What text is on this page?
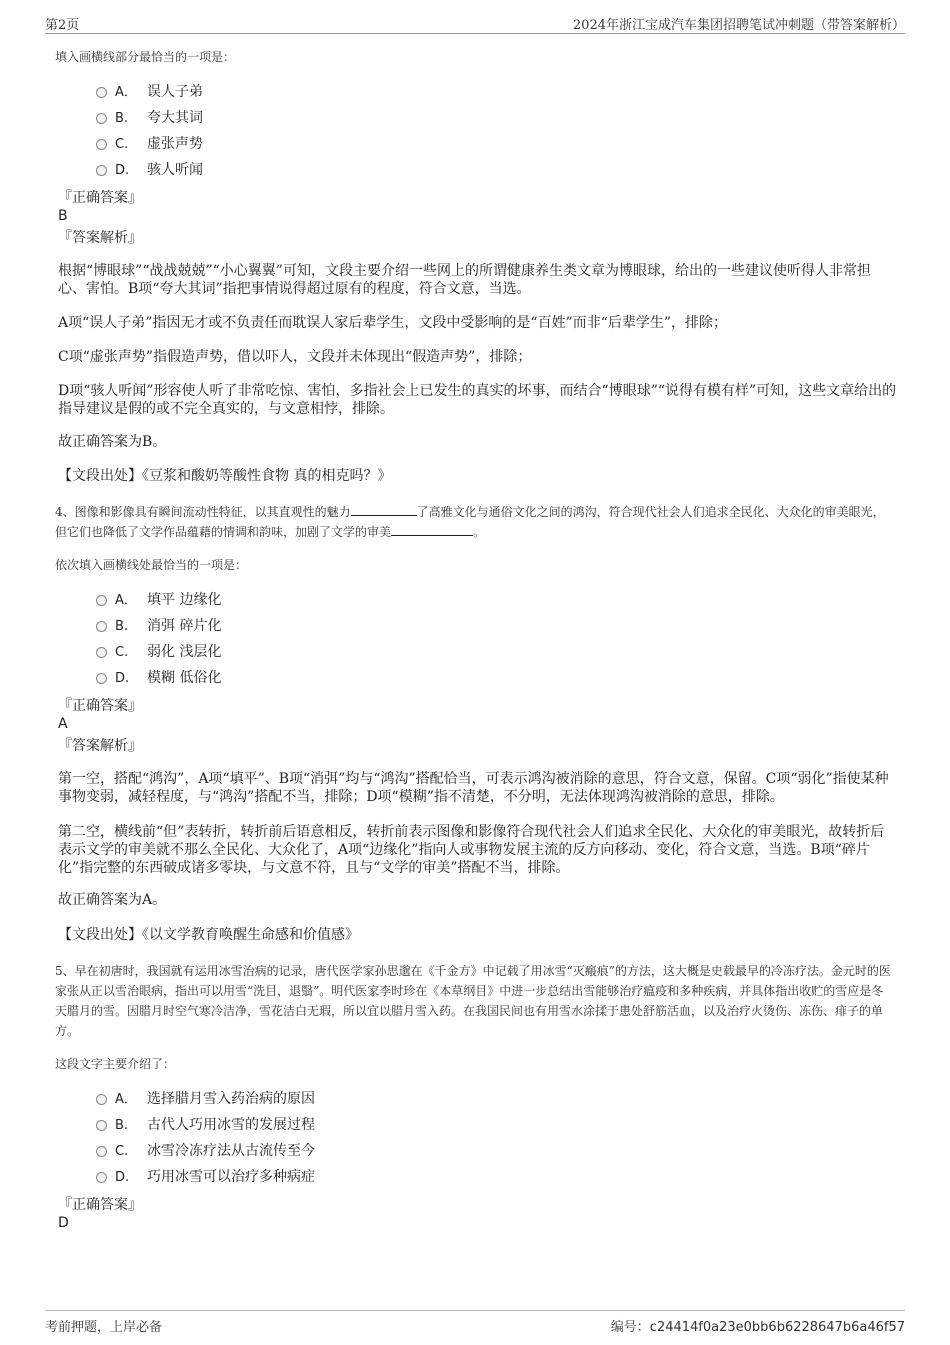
第2页	2024年浙江宝成汽车集团招聘笔试冲刺题（带答案解析）
填入画横线部分最恰当的一项是：
A． 误人子弟
B. 夸大其词
C. 虚张声势
D. 骇人听闻
『正确答案』
B
『答案解析』
根据“博眼球”“战战兢兢”“小心翼翼”可知，文段主要介绍一些网上的所谓健康养生类文章为博眼球，给出的一些建议使听得人非常担心、害怕。B项“夸大其词”指把事情说得超过原有的程度，符合文意，当选。
A项“误人子弟”指因无才或不负责任而耽误人家后辈学生，文段中受影响的是“百姓”而非“后辈学生”，排除；
C项“虚张声势”指假造声势，借以吓人，文段并未体现出“假造声势”，排除；
D项“骇人听闻”形容使人听了非常吃惊、害怕，多指社会上已发生的真实的坏事，而结合“博眼球”“说得有模有样”可知，这些文章给出的指导建议是假的或不完全真实的，与文意相悖，排除。
故正确答案为B。
【文段出处】《豆浆和酸奶等酸性食物 真的相克吗？》
4、图像和影像具有瞬间流动性特征，以其直观性的魅力	了高雅文化与通俗文化之间的鸿沟，符合现代社会人们追求全民化、大众化的审美眼光，但它们也降低了文学作品蕴藉的情调和韵味，加剧了文学的审美	。
依次填入画横线处最恰当的一项是：
A． 填平 边缘化
B. 消弭 碎片化
C. 弱化 浅层化
D. 模糊 低俗化
『正确答案』
A
『答案解析』
第一空，搭配“鸿沟”，A项“填平”、B项“消弭”均与“鸿沟”搭配恰当，可表示鸿沟被消除的意思，符合文意，保留。C项“弱化”指使某种事物变弱，减轻程度，与“鸿沟”搭配不当，排除；D项“模糊”指不清楚，不分明，无法体现鸿沟被消除的意思，排除。
第二空，横线前“但”表转折，转折前后语意相反，转折前表示图像和影像符合现代社会人们追求全民化、大众化的审美眼光，故转折后表示文学的审美就不那么全民化、大众化了，A项“边缘化”指向人或事物发展主流的反方向移动、变化，符合文意，当选。B项“碎片化”指完整的东西破成诸多零块，与文意不符，且与“文学的审美”搭配不当，排除。
故正确答案为A。
【文段出处】《以文学教育唤醒生命感和价值感》
5、早在初唐时，我国就有运用冰雪治病的记录，唐代医学家孙思邈在《千金方》中记载了用冰雪“灭瘢痕”的方法，这大概是史载最早的冷冻疗法。金元时的医家张从正以雪治眼病，指出可以用雪“洗目，退翳”。明代医家李时珍在《本草纲目》中进一步总结出雪能够治疗瘟疫和多种疾病，并具体指出收贮的雪应是冬天腊月的雪。因腊月时空气寒冷洁净，雪花洁白无瑕，所以宜以腊月雪入药。在我国民间也有用雪水涂揉于患处舒筋活血，以及治疗火烫伤、冻伤、痱子的单方。
这段文字主要介绍了：
A． 选择腊月雪入药治病的原因
B. 古代人巧用冰雪的发展过程
C. 冰雪冷冻疗法从古流传至今
D. 巧用冰雪可以治疗多种病症
『正确答案』
D
考前押题，上岸必备	编号：c24414f0a23e0bb6b6228647b6a46f57
